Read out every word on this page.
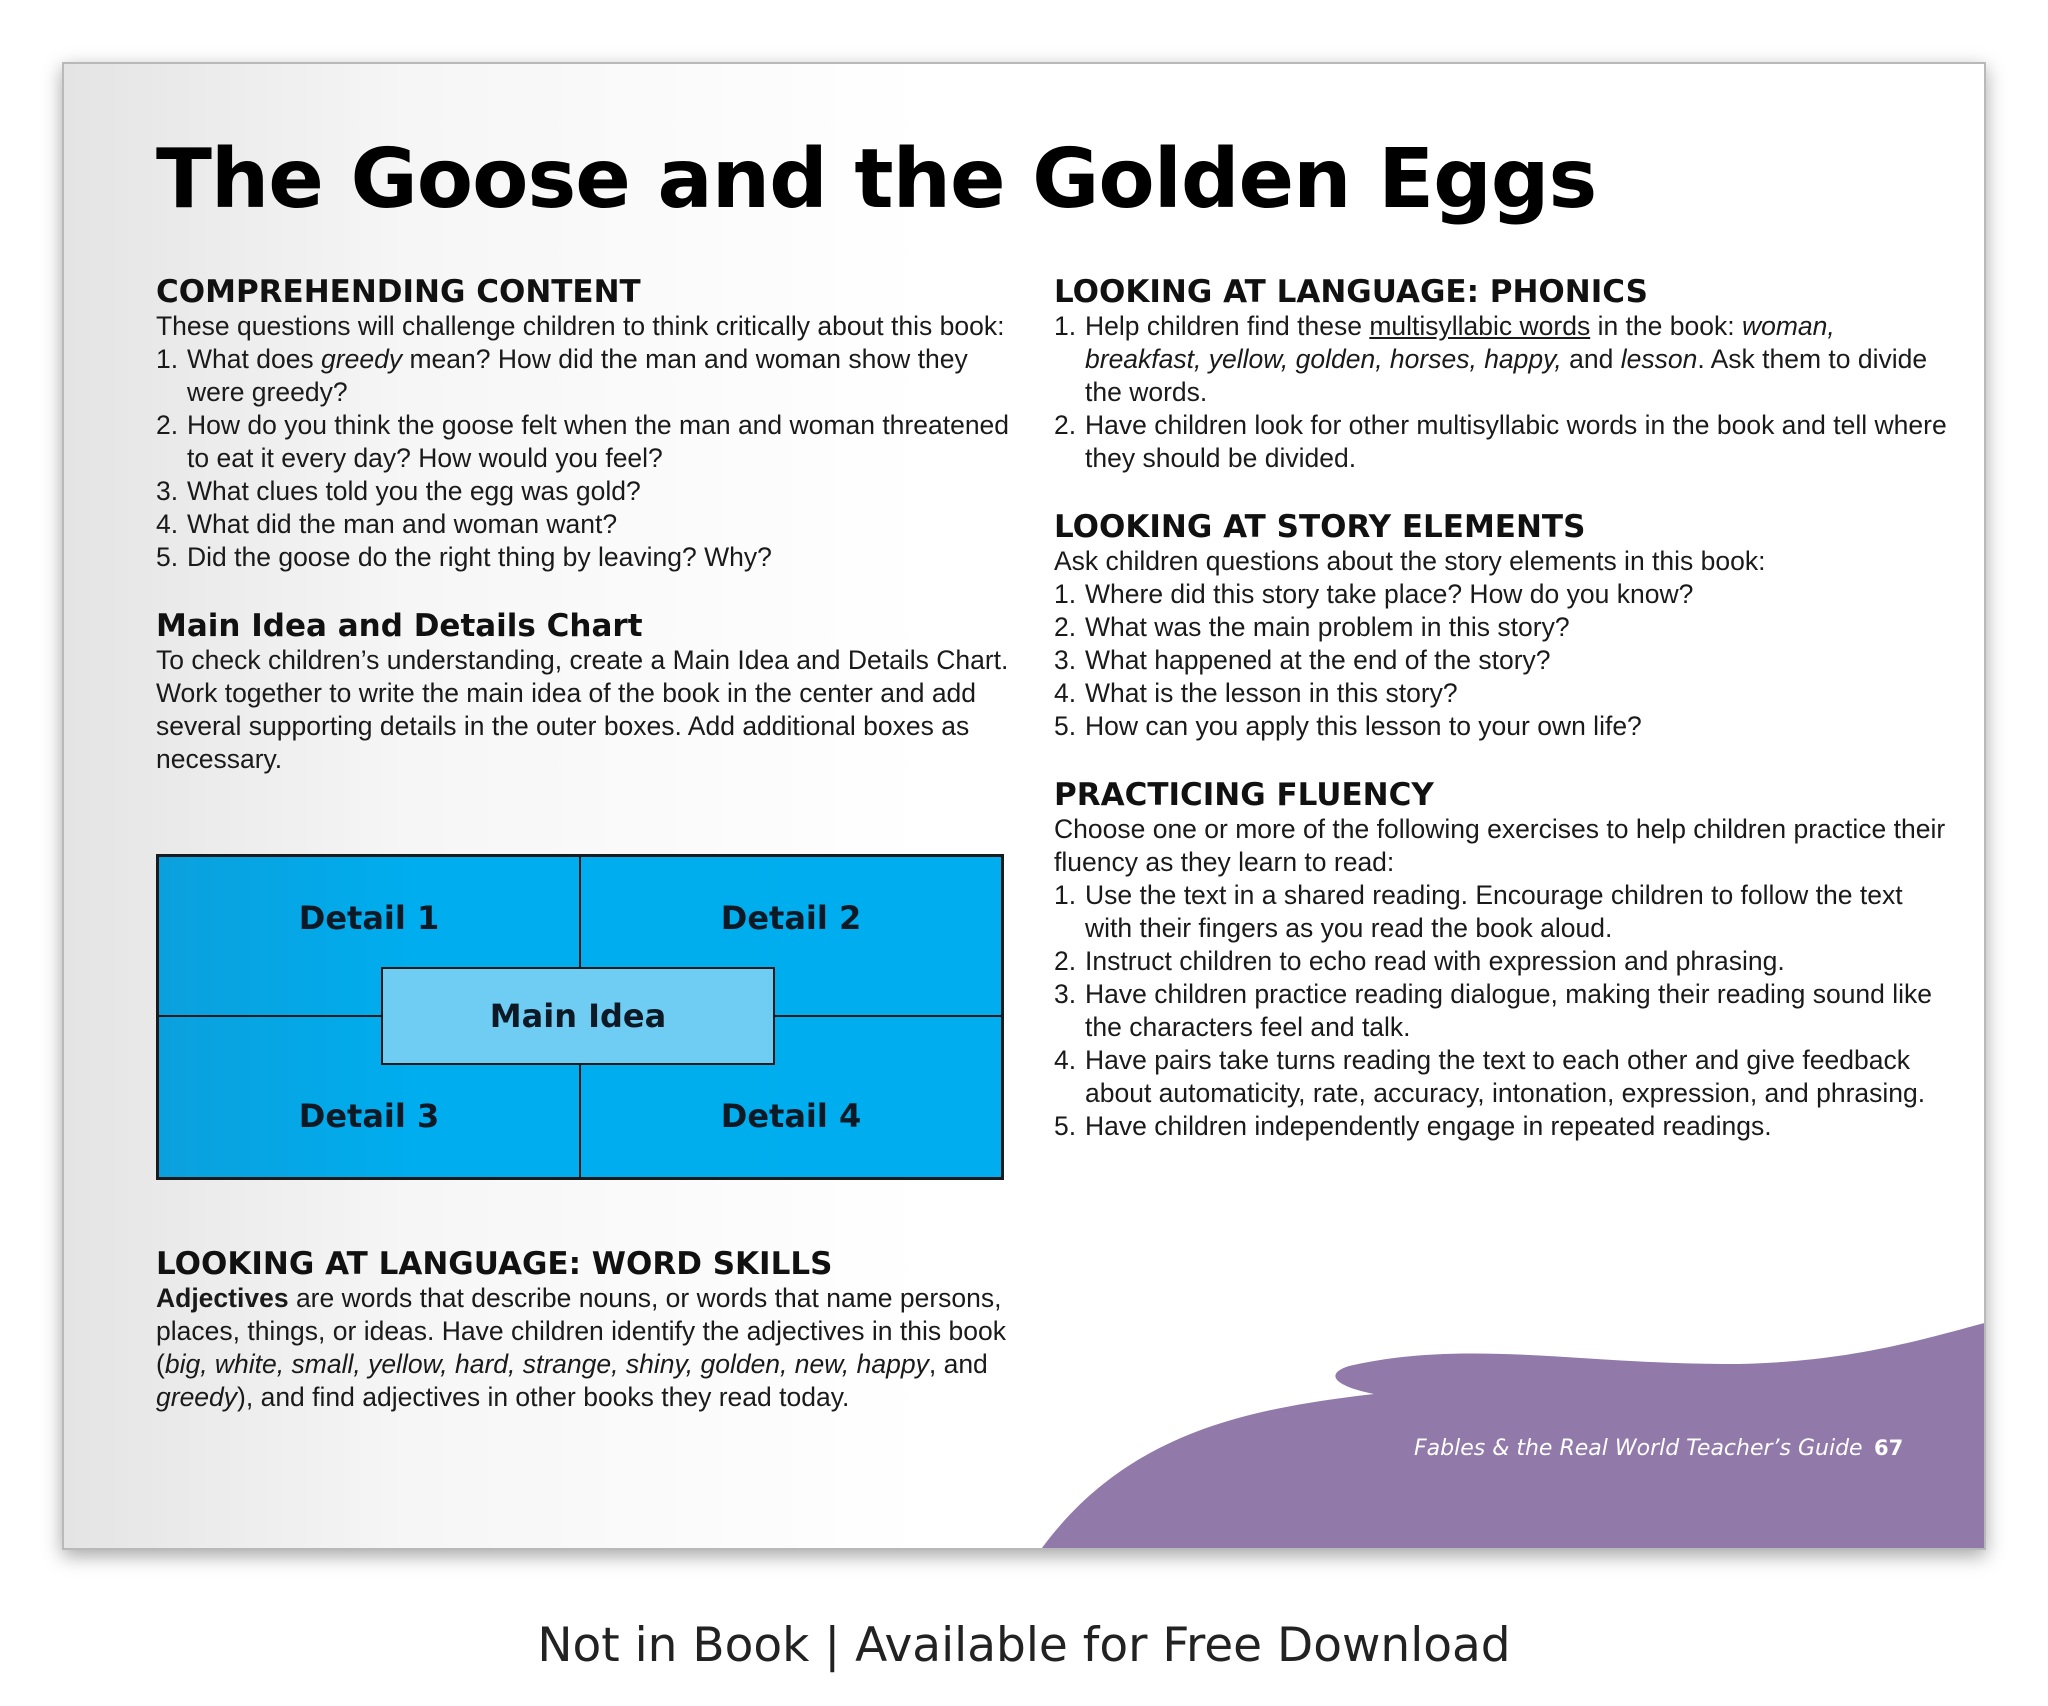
The Goose and the Golden Eggs
COMPREHENDING CONTENT

These questions will challenge children to think critically about this book:

1. What does greedy mean? How did the man and woman show they were greedy?
2. How do you think the goose felt when the man and woman threatened to eat it every day? How would you feel?
3. What clues told you the egg was gold?
4. What did the man and woman want?
5. Did the goose do the right thing by leaving? Why?
Main Idea and Details Chart

To check children’s understanding, create a Main Idea and Details Chart. Work together to write the main idea of the book in the center and add several supporting details in the outer boxes. Add additional boxes as necessary.

Detail 1	Detail 2
Detail 3	Detail 4
Main Idea
LOOKING AT LANGUAGE: WORD SKILLS

Adjectives are words that describe nouns, or words that name persons, places, things, or ideas. Have children identify the adjectives in this book (big, white, small, yellow, hard, strange, shiny, golden, new, happy, and greedy), and find adjectives in other books they read today.

LOOKING AT LANGUAGE: PHONICS
1. Help children find these multisyllabic words in the book: woman, breakfast, yellow, golden, horses, happy, and lesson. Ask them to divide the words.
2. Have children look for other multisyllabic words in the book and tell where they should be divided.
LOOKING AT STORY ELEMENTS

Ask children questions about the story elements in this book:

1. Where did this story take place? How do you know?
2. What was the main problem in this story?
3. What happened at the end of the story?
4. What is the lesson in this story?
5. How can you apply this lesson to your own life?
PRACTICING FLUENCY

Choose one or more of the following exercises to help children practice their fluency as they learn to read:

1. Use the text in a shared reading. Encourage children to follow the text with their fingers as you read the book aloud.
2. Instruct children to echo read with expression and phrasing.
3. Have children practice reading dialogue, making their reading sound like the characters feel and talk.
4. Have pairs take turns reading the text to each other and give feedback about automaticity, rate, accuracy, intonation, expression, and phrasing.
5. Have children independently engage in repeated readings.
Fables & the Real World Teacher’s Guide 67
Not in Book | Available for Free Download
